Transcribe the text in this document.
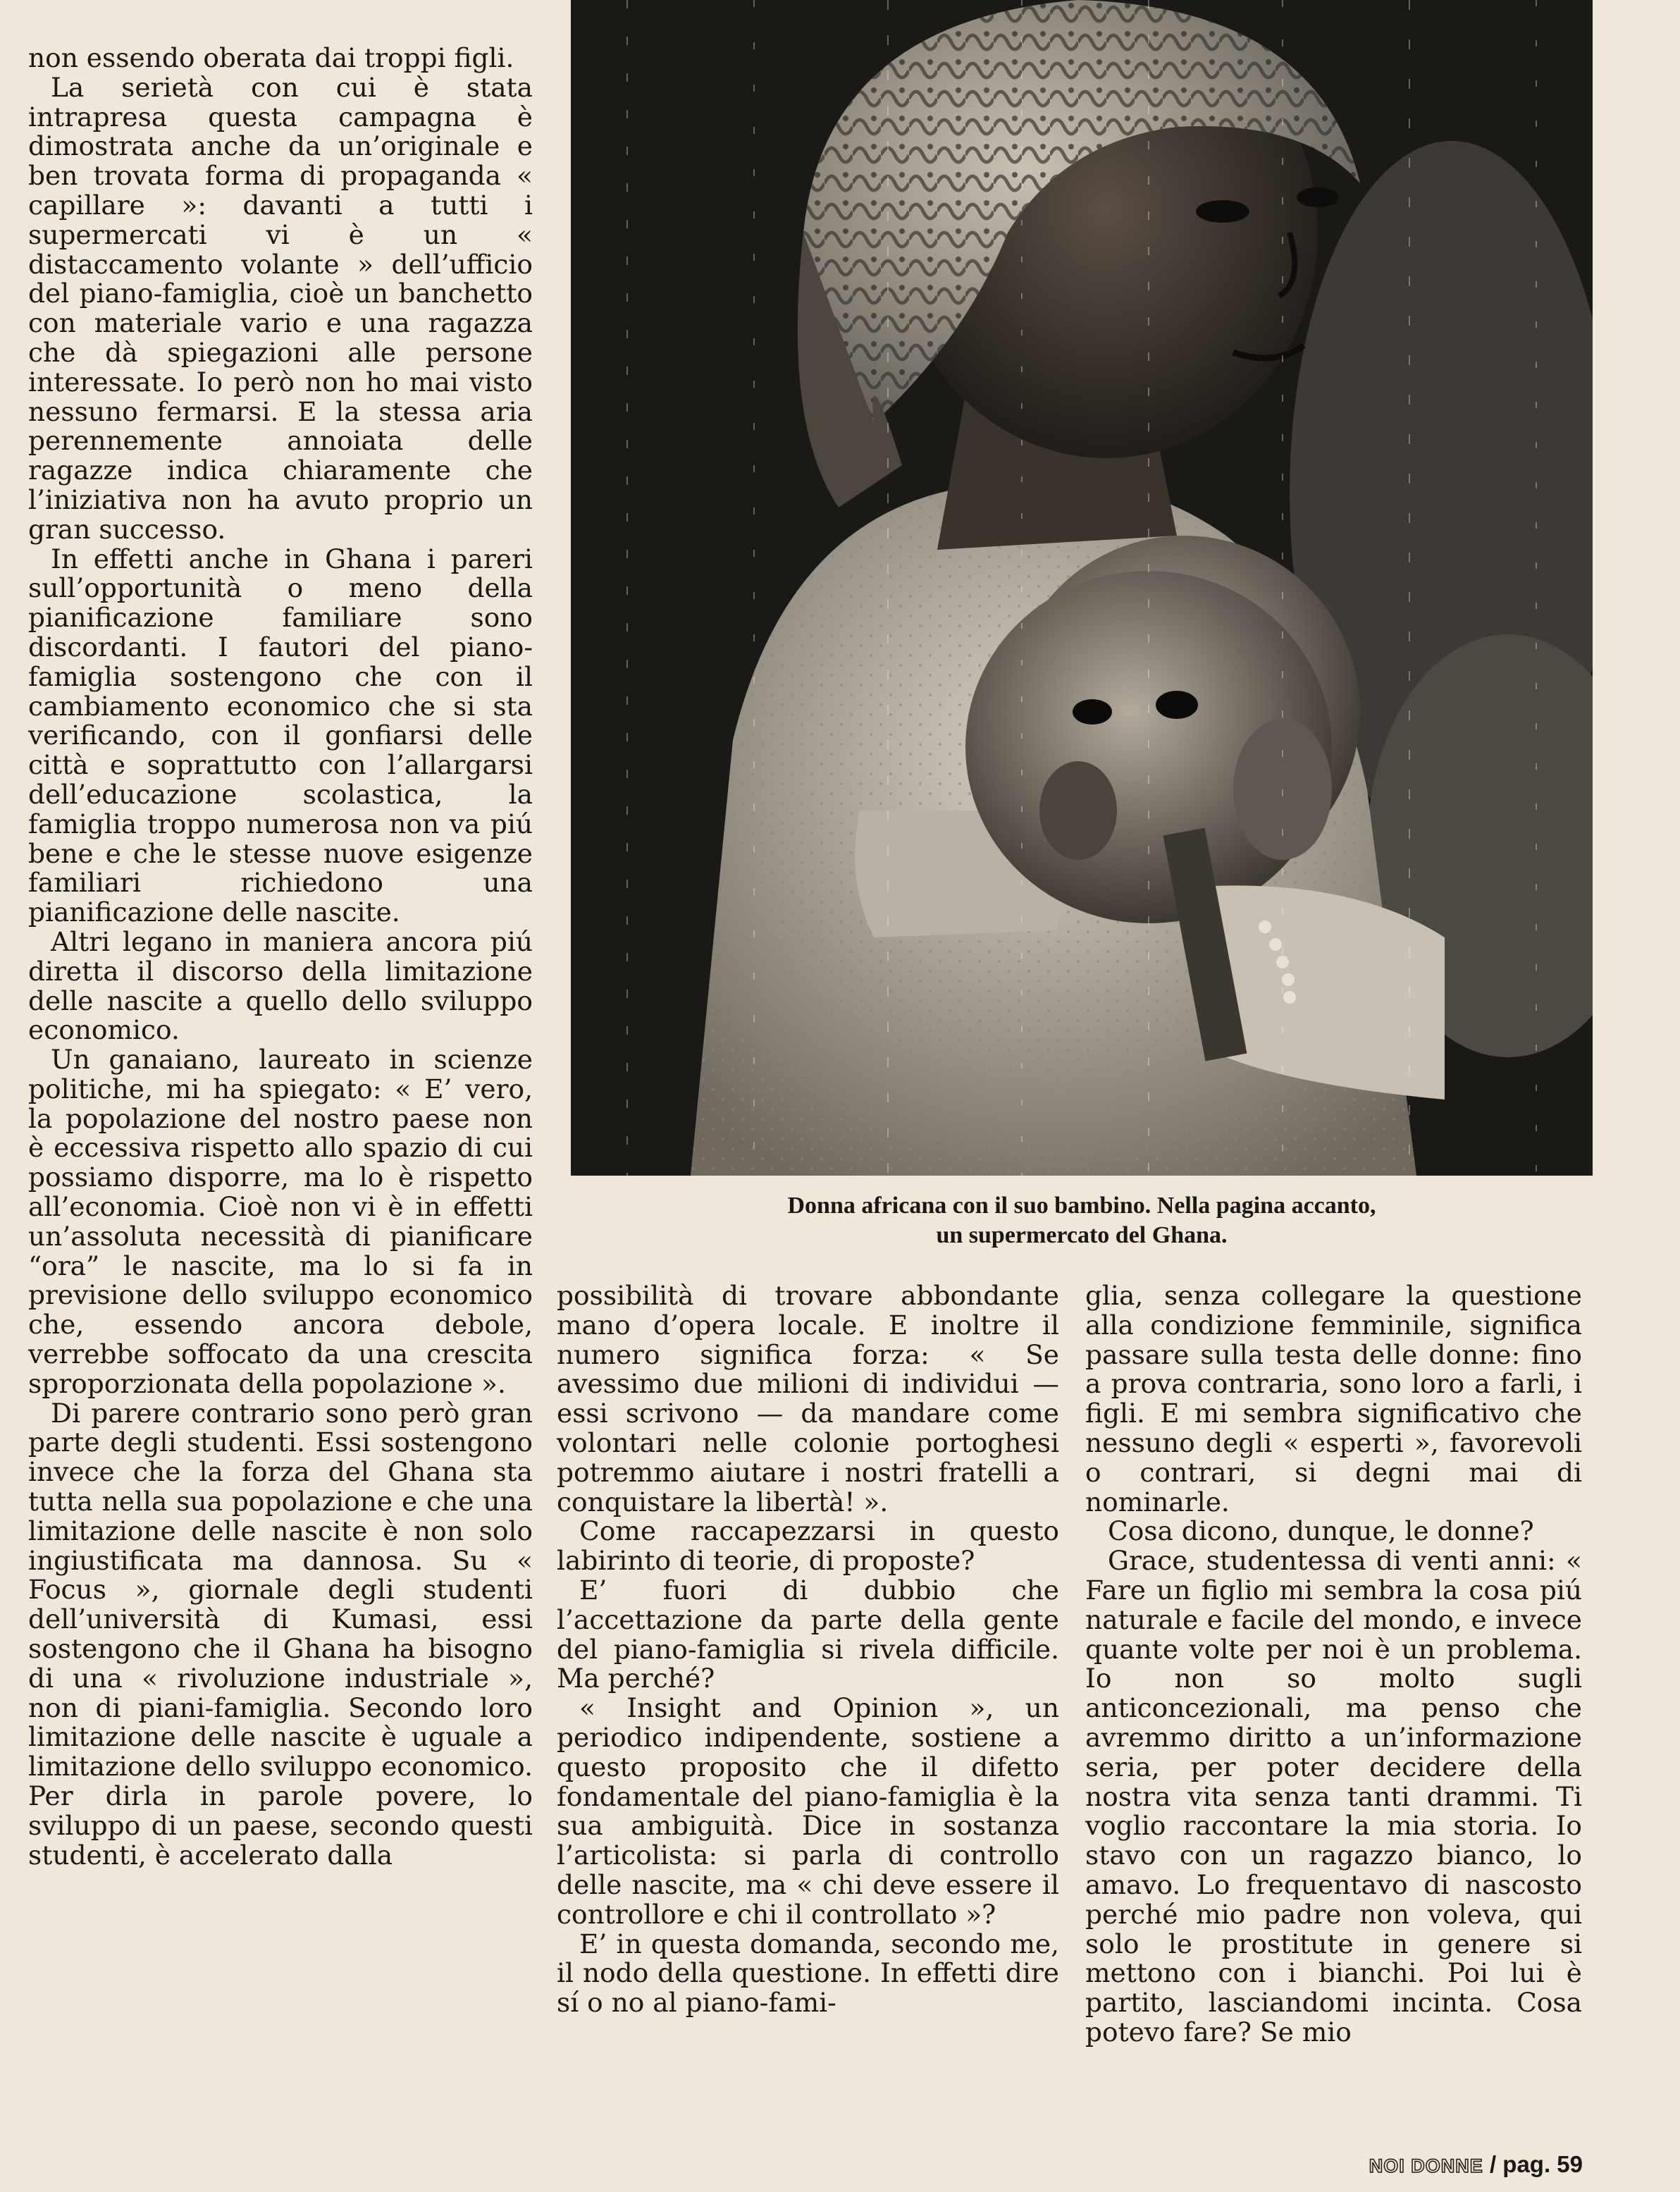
non essendo oberata dai troppi figli.

La serietà con cui è stata intrapresa questa campagna è dimostrata anche da un’originale e ben trovata forma di propaganda « capillare »: davanti a tutti i supermercati vi è un « distaccamento volante » dell’ufficio del piano-famiglia, cioè un banchetto con materiale vario e una ragazza che dà spiegazioni alle persone interessate. Io però non ho mai visto nessuno fermarsi. E la stessa aria perennemente annoiata delle ragazze indica chiaramente che l’iniziativa non ha avuto proprio un gran successo.

In effetti anche in Ghana i pareri sull’opportunità o meno della pianificazione familiare sono discordanti. I fautori del piano-famiglia sostengono che con il cambiamento economico che si sta verificando, con il gonfiarsi delle città e soprattutto con l’allargarsi dell’educazione scolastica, la famiglia troppo numerosa non va piú bene e che le stesse nuove esigenze familiari richiedono una pianificazione delle nascite.

Altri legano in maniera ancora piú diretta il discorso della limitazione delle nascite a quello dello sviluppo economico.

Un ganaiano, laureato in scienze politiche, mi ha spiegato: « E’ vero, la popolazione del nostro paese non è eccessiva rispetto allo spazio di cui possiamo disporre, ma lo è rispetto all’economia. Cioè non vi è in effetti un’assoluta necessità di pianificare “ora” le nascite, ma lo si fa in previsione dello sviluppo economico che, essendo ancora debole, verrebbe soffocato da una crescita sproporzionata della popolazione ».

Di parere contrario sono però gran parte degli studenti. Essi sostengono invece che la forza del Ghana sta tutta nella sua popolazione e che una limitazione delle nascite è non solo ingiustificata ma dannosa. Su « Focus », giornale degli studenti dell’università di Kumasi, essi sostengono che il Ghana ha bisogno di una « rivoluzione industriale », non di piani-famiglia. Secondo loro limitazione delle nascite è uguale a limitazione dello sviluppo economico. Per dirla in parole povere, lo sviluppo di un paese, secondo questi studenti, è accelerato dalla

Donna africana con il suo bambino. Nella pagina accanto,
un supermercato del Ghana.

possibilità di trovare abbondante mano d’opera locale. E inoltre il numero significa forza: « Se avessimo due milioni di individui — essi scrivono — da mandare come volontari nelle colonie portoghesi potremmo aiutare i nostri fratelli a conquistare la libertà! ».

Come raccapezzarsi in questo labirinto di teorie, di proposte?

E’ fuori di dubbio che l’accettazione da parte della gente del piano-famiglia si rivela difficile. Ma perché?

« Insight and Opinion », un periodico indipendente, sostiene a questo proposito che il difetto fondamentale del piano-famiglia è la sua ambiguità. Dice in sostanza l’articolista: si parla di controllo delle nascite, ma « chi deve essere il controllore e chi il controllato »?

E’ in questa domanda, secondo me, il nodo della questione. In effetti dire sí o no al piano-fami-

glia, senza collegare la questione alla condizione femminile, significa passare sulla testa delle donne: fino a prova contraria, sono loro a farli, i figli. E mi sembra significativo che nessuno degli « esperti », favorevoli o contrari, si degni mai di nominarle.

Cosa dicono, dunque, le donne?

Grace, studentessa di venti anni: « Fare un figlio mi sembra la cosa piú naturale e facile del mondo, e invece quante volte per noi è un problema. Io non so molto sugli anticoncezionali, ma penso che avremmo diritto a un’informazione seria, per poter decidere della nostra vita senza tanti drammi. Ti voglio raccontare la mia storia. Io stavo con un ragazzo bianco, lo amavo. Lo frequentavo di nascosto perché mio padre non voleva, qui solo le prostitute in genere si mettono con i bianchi. Poi lui è partito, lasciandomi incinta. Cosa potevo fare? Se mio

NOI DONNE / pag. 59
